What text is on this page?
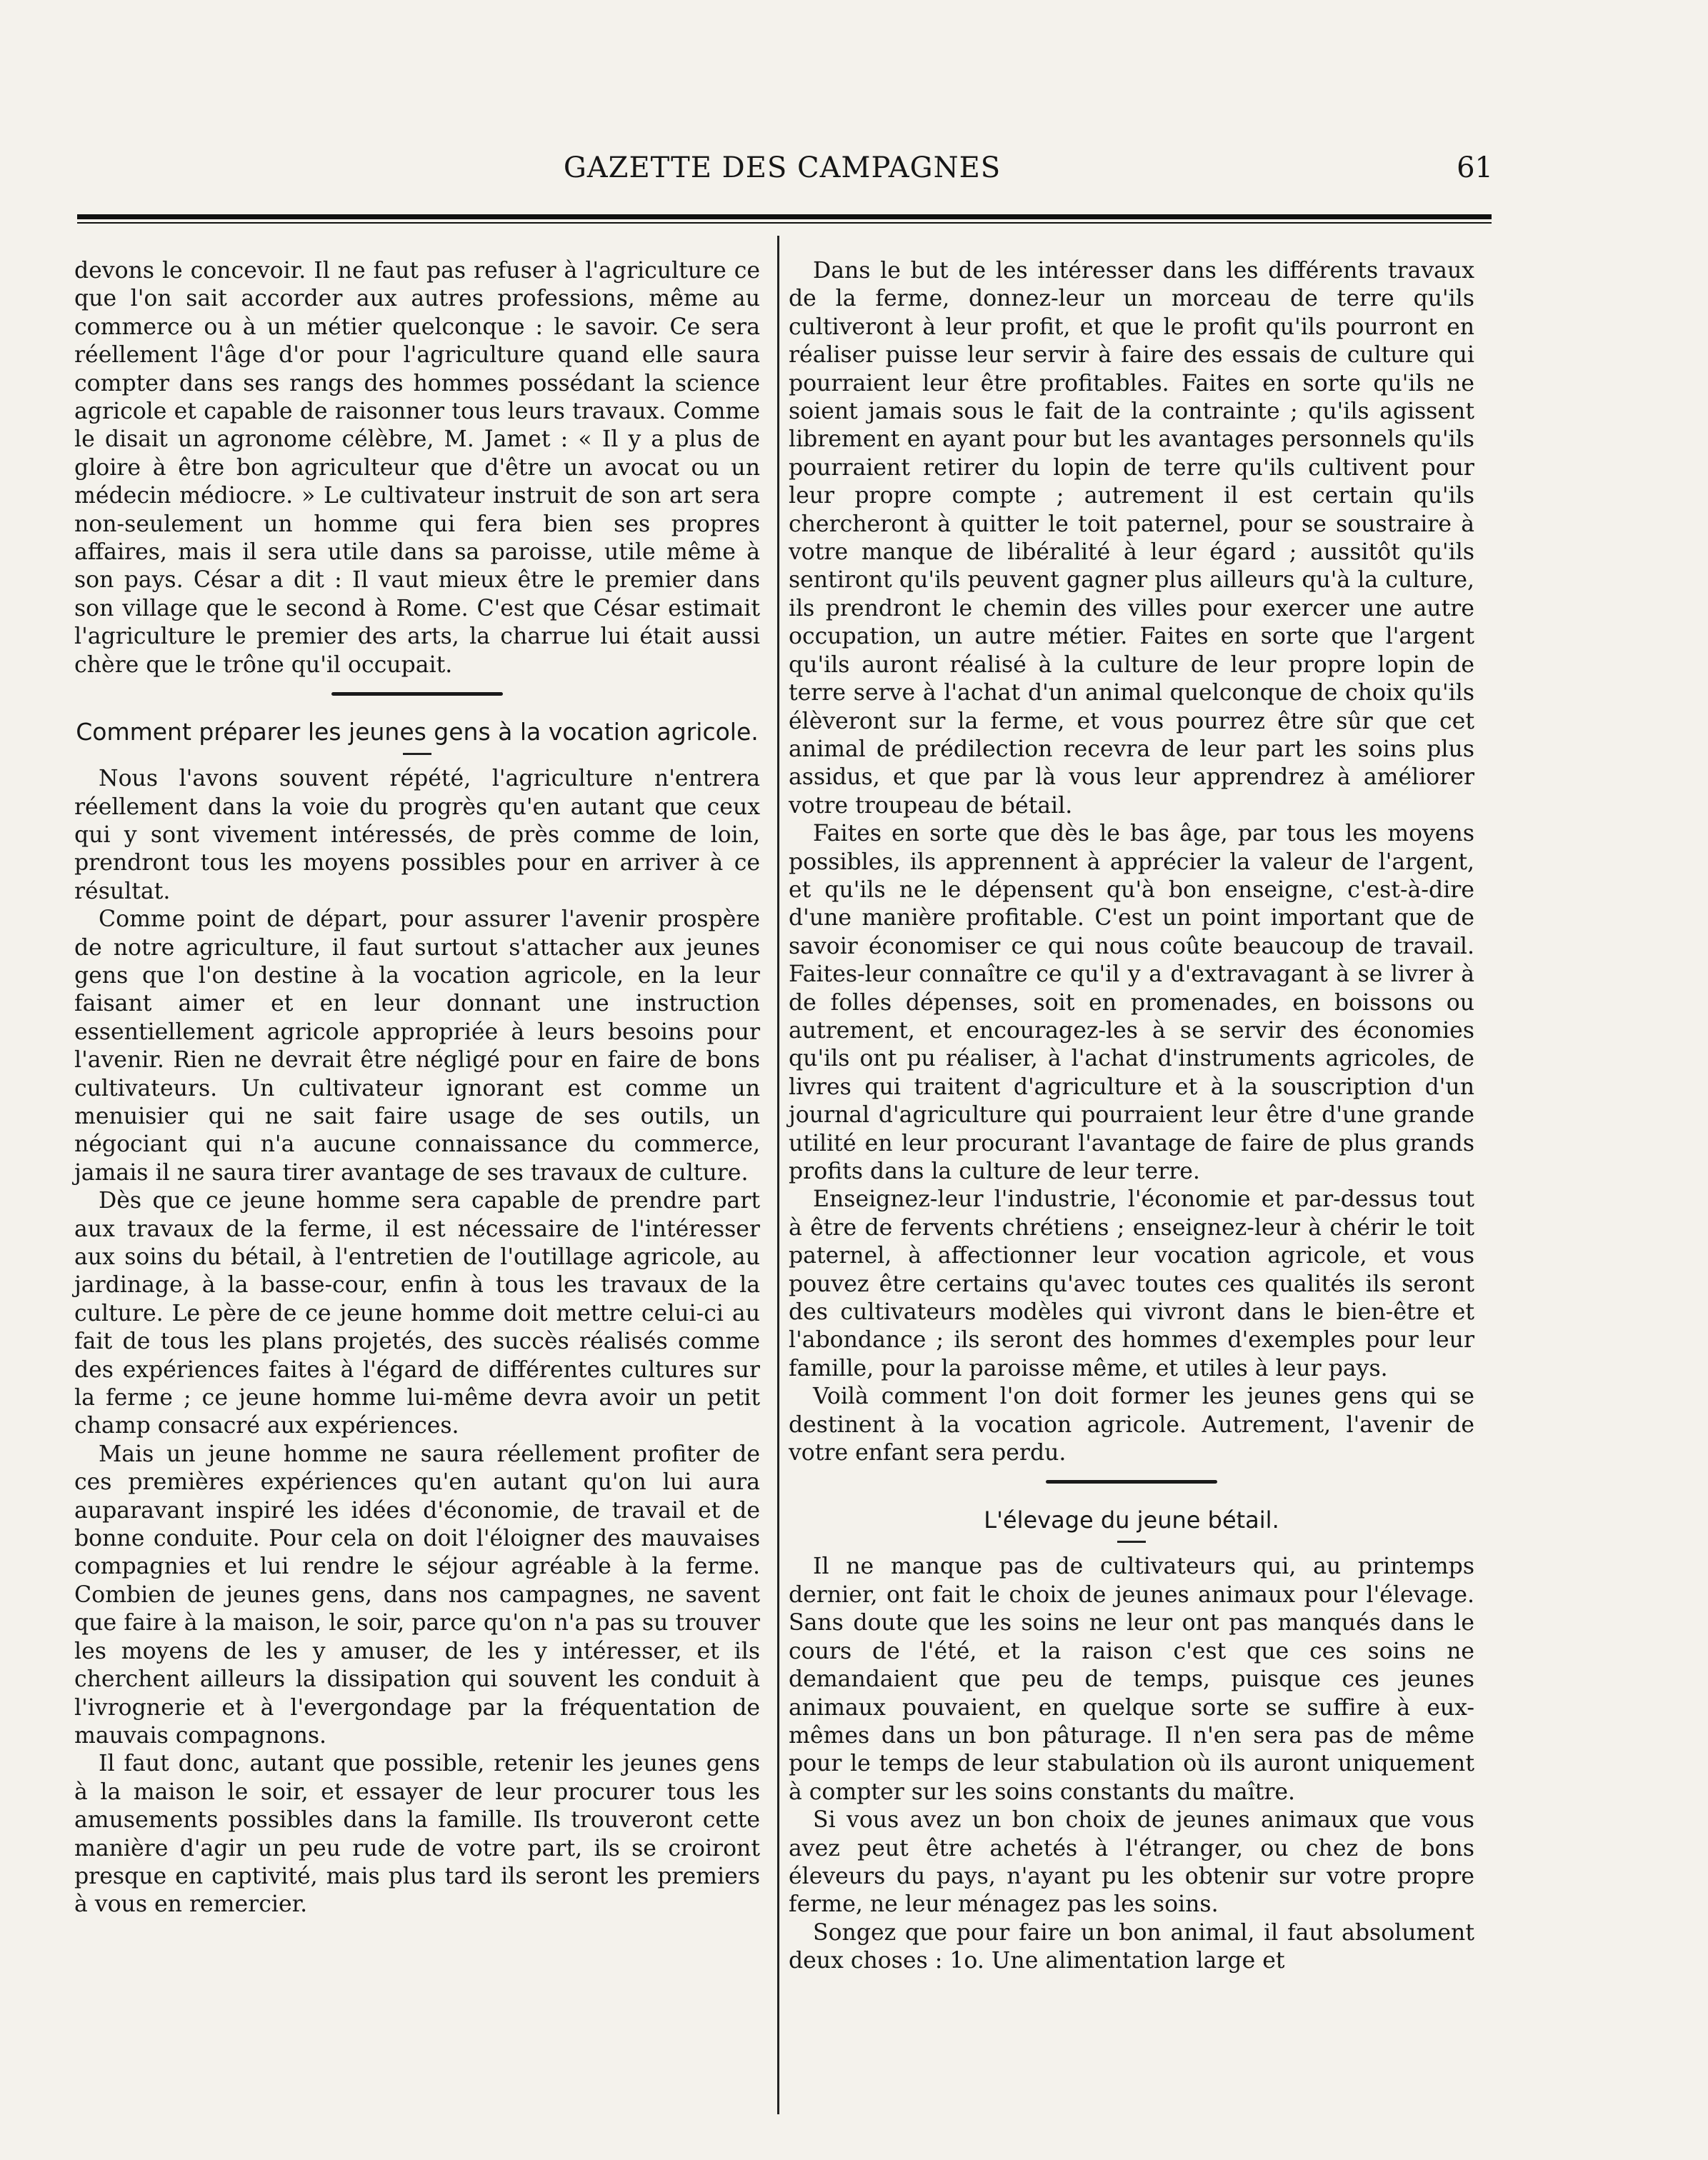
GAZETTE DES CAMPAGNES	61

devons le concevoir. Il ne faut pas refuser à l'agriculture ce que l'on sait accorder aux autres professions, même au commerce ou à un métier quelconque : le savoir. Ce sera réellement l'âge d'or pour l'agriculture quand elle saura compter dans ses rangs des hommes possédant la science agricole et capable de raisonner tous leurs travaux. Comme le disait un agronome célèbre, M. Jamet : « Il y a plus de gloire à être bon agriculteur que d'être un avocat ou un médecin médiocre. » Le cultivateur instruit de son art sera non-seulement un homme qui fera bien ses propres affaires, mais il sera utile dans sa paroisse, utile même à son pays. César a dit : Il vaut mieux être le premier dans son village que le second à Rome. C'est que César estimait l'agriculture le premier des arts, la charrue lui était aussi chère que le trône qu'il occupait.

Comment préparer les jeunes gens à la vocation agricole.

Nous l'avons souvent répété, l'agriculture n'entrera réellement dans la voie du progrès qu'en autant que ceux qui y sont vivement intéressés, de près comme de loin, prendront tous les moyens possibles pour en arriver à ce résultat.

Comme point de départ, pour assurer l'avenir prospère de notre agriculture, il faut surtout s'attacher aux jeunes gens que l'on destine à la vocation agricole, en la leur faisant aimer et en leur donnant une instruction essentiellement agricole appropriée à leurs besoins pour l'avenir. Rien ne devrait être négligé pour en faire de bons cultivateurs. Un cultivateur ignorant est comme un menuisier qui ne sait faire usage de ses outils, un négociant qui n'a aucune connaissance du commerce, jamais il ne saura tirer avantage de ses travaux de culture.

Dès que ce jeune homme sera capable de prendre part aux travaux de la ferme, il est nécessaire de l'intéresser aux soins du bétail, à l'entretien de l'outillage agricole, au jardinage, à la basse-cour, enfin à tous les travaux de la culture. Le père de ce jeune homme doit mettre celui-ci au fait de tous les plans projetés, des succès réalisés comme des expériences faites à l'égard de différentes cultures sur la ferme ; ce jeune homme lui-même devra avoir un petit champ consacré aux expériences.

Mais un jeune homme ne saura réellement profiter de ces premières expériences qu'en autant qu'on lui aura auparavant inspiré les idées d'économie, de travail et de bonne conduite. Pour cela on doit l'éloigner des mauvaises compagnies et lui rendre le séjour agréable à la ferme. Combien de jeunes gens, dans nos campagnes, ne savent que faire à la maison, le soir, parce qu'on n'a pas su trouver les moyens de les y amuser, de les y intéresser, et ils cherchent ailleurs la dissipation qui souvent les conduit à l'ivrognerie et à l'evergondage par la fréquentation de mauvais compagnons.

Il faut donc, autant que possible, retenir les jeunes gens à la maison le soir, et essayer de leur procurer tous les amusements possibles dans la famille. Ils trouveront cette manière d'agir un peu rude de votre part, ils se croiront presque en captivité, mais plus tard ils seront les premiers à vous en remercier.

Dans le but de les intéresser dans les différents travaux de la ferme, donnez-leur un morceau de terre qu'ils cultiveront à leur profit, et que le profit qu'ils pourront en réaliser puisse leur servir à faire des essais de culture qui pourraient leur être profitables. Faites en sorte qu'ils ne soient jamais sous le fait de la contrainte ; qu'ils agissent librement en ayant pour but les avantages personnels qu'ils pourraient retirer du lopin de terre qu'ils cultivent pour leur propre compte ; autrement il est certain qu'ils chercheront à quitter le toit paternel, pour se soustraire à votre manque de libéralité à leur égard ; aussitôt qu'ils sentiront qu'ils peuvent gagner plus ailleurs qu'à la culture, ils prendront le chemin des villes pour exercer une autre occupation, un autre métier. Faites en sorte que l'argent qu'ils auront réalisé à la culture de leur propre lopin de terre serve à l'achat d'un animal quelconque de choix qu'ils élèveront sur la ferme, et vous pourrez être sûr que cet animal de prédilection recevra de leur part les soins plus assidus, et que par là vous leur apprendrez à améliorer votre troupeau de bétail.

Faites en sorte que dès le bas âge, par tous les moyens possibles, ils apprennent à apprécier la valeur de l'argent, et qu'ils ne le dépensent qu'à bon enseigne, c'est-à-dire d'une manière profitable. C'est un point important que de savoir économiser ce qui nous coûte beaucoup de travail. Faites-leur connaître ce qu'il y a d'extravagant à se livrer à de folles dépenses, soit en promenades, en boissons ou autrement, et encouragez-les à se servir des économies qu'ils ont pu réaliser, à l'achat d'instruments agricoles, de livres qui traitent d'agriculture et à la souscription d'un journal d'agriculture qui pourraient leur être d'une grande utilité en leur procurant l'avantage de faire de plus grands profits dans la culture de leur terre.

Enseignez-leur l'industrie, l'économie et par-dessus tout à être de fervents chrétiens ; enseignez-leur à chérir le toit paternel, à affectionner leur vocation agricole, et vous pouvez être certains qu'avec toutes ces qualités ils seront des cultivateurs modèles qui vivront dans le bien-être et l'abondance ; ils seront des hommes d'exemples pour leur famille, pour la paroisse même, et utiles à leur pays.

Voilà comment l'on doit former les jeunes gens qui se destinent à la vocation agricole. Autrement, l'avenir de votre enfant sera perdu.

L'élevage du jeune bétail.

Il ne manque pas de cultivateurs qui, au printemps dernier, ont fait le choix de jeunes animaux pour l'élevage. Sans doute que les soins ne leur ont pas manqués dans le cours de l'été, et la raison c'est que ces soins ne demandaient que peu de temps, puisque ces jeunes animaux pouvaient, en quelque sorte se suffire à eux-mêmes dans un bon pâturage. Il n'en sera pas de même pour le temps de leur stabulation où ils auront uniquement à compter sur les soins constants du maître.

Si vous avez un bon choix de jeunes animaux que vous avez peut être achetés à l'étranger, ou chez de bons éleveurs du pays, n'ayant pu les obtenir sur votre propre ferme, ne leur ménagez pas les soins.

Songez que pour faire un bon animal, il faut absolument deux choses : 1o. Une alimentation large et
